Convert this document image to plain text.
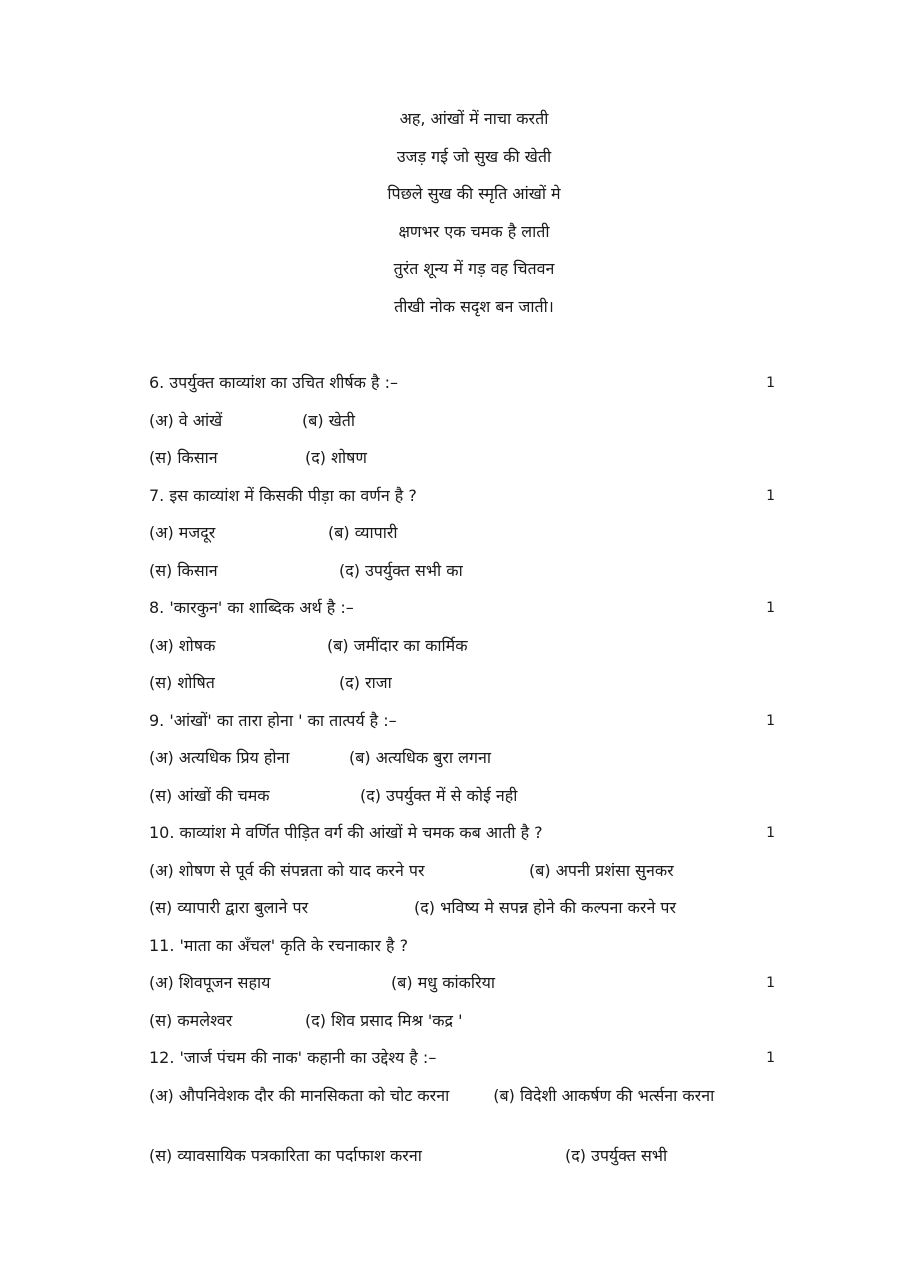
अह, आंखों में नाचा करती
उजड़ गई जो सुख की खेती
पिछले सुख की स्मृति आंखों मे
क्षणभर एक चमक है लाती
तुरंत शून्य में गड़ वह चितवन
तीखी नोक सदृश बन जाती।
6. उपर्युक्त काव्यांश का उचित शीर्षक है :–	1
(अ) वे आंखें	(ब) खेती
(स) किसान	(द) शोषण
7. इस काव्यांश में किसकी पीड़ा का वर्णन है ?	1
(अ) मजदूर	(ब) व्यापारी
(स) किसान	(द) उपर्युक्त सभी का
8. 'कारकुन' का शाब्दिक अर्थ है :–	1
(अ) शोषक	(ब) जमींदार का कार्मिक
(स) शोषित	(द) राजा
9. 'आंखों' का तारा होना ' का तात्पर्य है :–	1
(अ) अत्यधिक प्रिय होना	(ब) अत्यधिक बुरा लगना
(स) आंखों की चमक	(द) उपर्युक्त में से कोई नही
10. काव्यांश मे वर्णित पीड़ित वर्ग की आंखों मे चमक कब आती है ?	1
(अ) शोषण से पूर्व की संपन्नता को याद करने पर	(ब) अपनी प्रशंसा सुनकर
(स) व्यापारी द्वारा बुलाने पर	(द) भविष्य मे सपन्न होने की कल्पना करने पर
11. 'माता का अँचल' कृति के रचनाकार है ?
(अ) शिवपूजन सहाय	(ब) मधु कांकरिया	1
(स) कमलेश्वर	(द) शिव प्रसाद मिश्र 'कद्र '
12. 'जार्ज पंचम की नाक' कहानी का उद्देश्य है :–	1
(अ) औपनिवेशक दौर की मानसिकता को चोट करना	(ब) विदेशी आकर्षण की भर्त्सना करना
(स) व्यावसायिक पत्रकारिता का पर्दाफाश करना	(द) उपर्युक्त सभी
